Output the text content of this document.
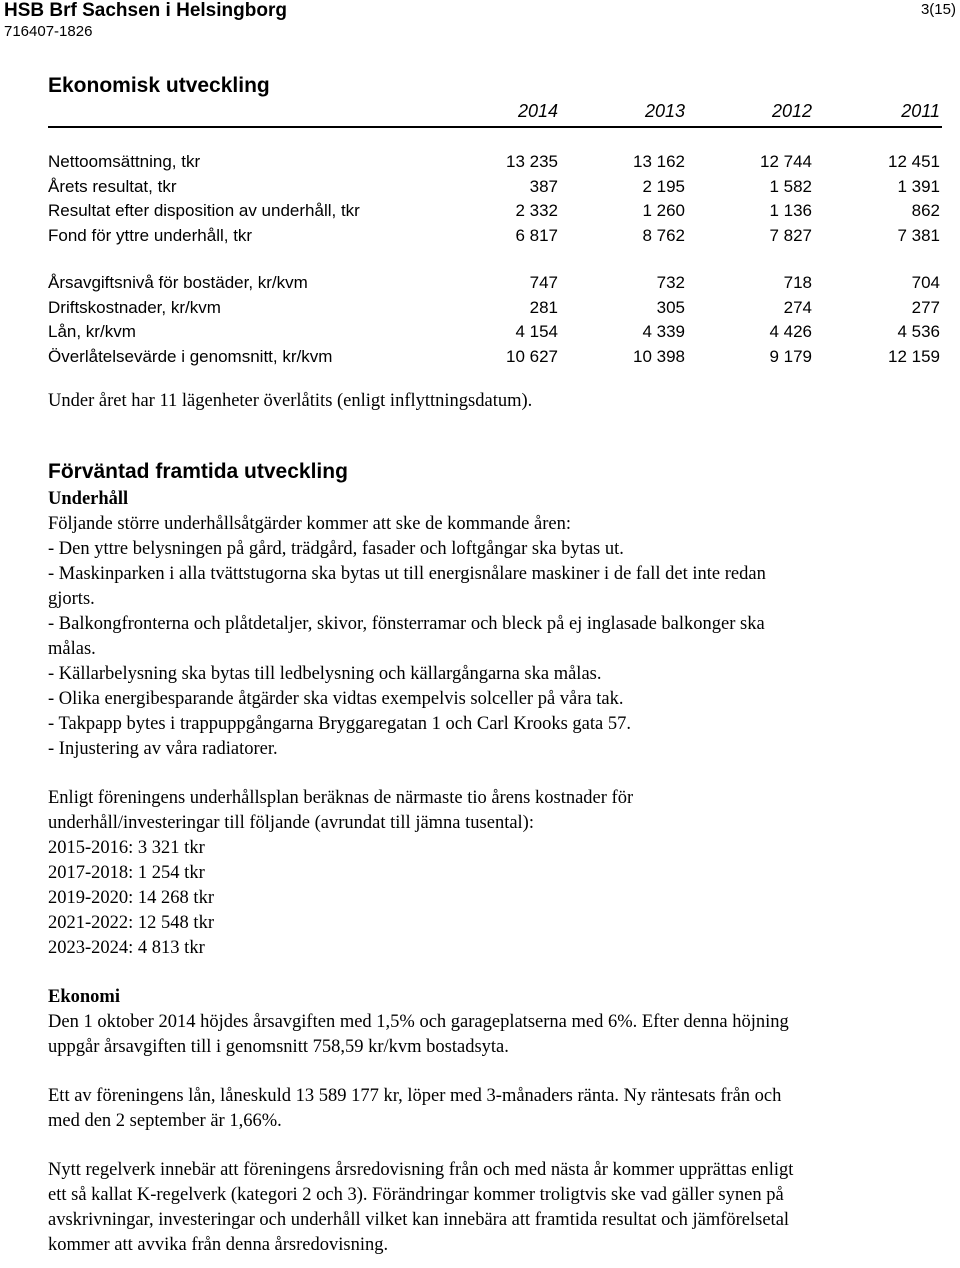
HSB Brf Sachsen i Helsingborg
716407-1826
3(15)
Ekonomisk utveckling
2014	2013	2012	2011
Nettoomsättning, tkr	13 235	13 162	12 744	12 451
Årets resultat, tkr	387	2 195	1 582	1 391
Resultat efter disposition av underhåll, tkr	2 332	1 260	1 136	862
Fond för yttre underhåll, tkr	6 817	8 762	7 827	7 381
Årsavgiftsnivå för bostäder, kr/kvm	747	732	718	704
Driftskostnader, kr/kvm	281	305	274	277
Lån, kr/kvm	4 154	4 339	4 426	4 536
Överlåtelsevärde i genomsnitt, kr/kvm	10 627	10 398	9 179	12 159
Under året har 11 lägenheter överlåtits (enligt inflyttningsdatum).
Förväntad framtida utveckling
Underhåll
Följande större underhållsåtgärder kommer att ske de kommande åren:
- Den yttre belysningen på gård, trädgård, fasader och loftgångar ska bytas ut.
- Maskinparken i alla tvättstugorna ska bytas ut till energisnålare maskiner i de fall det inte redan
gjorts.
- Balkongfronterna och plåtdetaljer, skivor, fönsterramar och bleck på ej inglasade balkonger ska
målas.
- Källarbelysning ska bytas till ledbelysning och källargångarna ska målas.
- Olika energibesparande åtgärder ska vidtas exempelvis solceller på våra tak.
- Takpapp bytes i trappuppgångarna Bryggaregatan 1 och Carl Krooks gata 57.
- Injustering av våra radiatorer.
Enligt föreningens underhållsplan beräknas de närmaste tio årens kostnader för
underhåll/investeringar till följande (avrundat till jämna tusental):
2015-2016: 3 321 tkr
2017-2018: 1 254 tkr
2019-2020: 14 268 tkr
2021-2022: 12 548 tkr
2023-2024: 4 813 tkr
Ekonomi
Den 1 oktober 2014 höjdes årsavgiften med 1,5% och garageplatserna med 6%. Efter denna höjning
uppgår årsavgiften till i genomsnitt 758,59 kr/kvm bostadsyta.
Ett av föreningens lån, låneskuld 13 589 177 kr, löper med 3-månaders ränta. Ny räntesats från och
med den 2 september är 1,66%.
Nytt regelverk innebär att föreningens årsredovisning från och med nästa år kommer upprättas enligt
ett så kallat K-regelverk (kategori 2 och 3). Förändringar kommer troligtvis ske vad gäller synen på
avskrivningar, investeringar och underhåll vilket kan innebära att framtida resultat och jämförelsetal
kommer att avvika från denna årsredovisning.
